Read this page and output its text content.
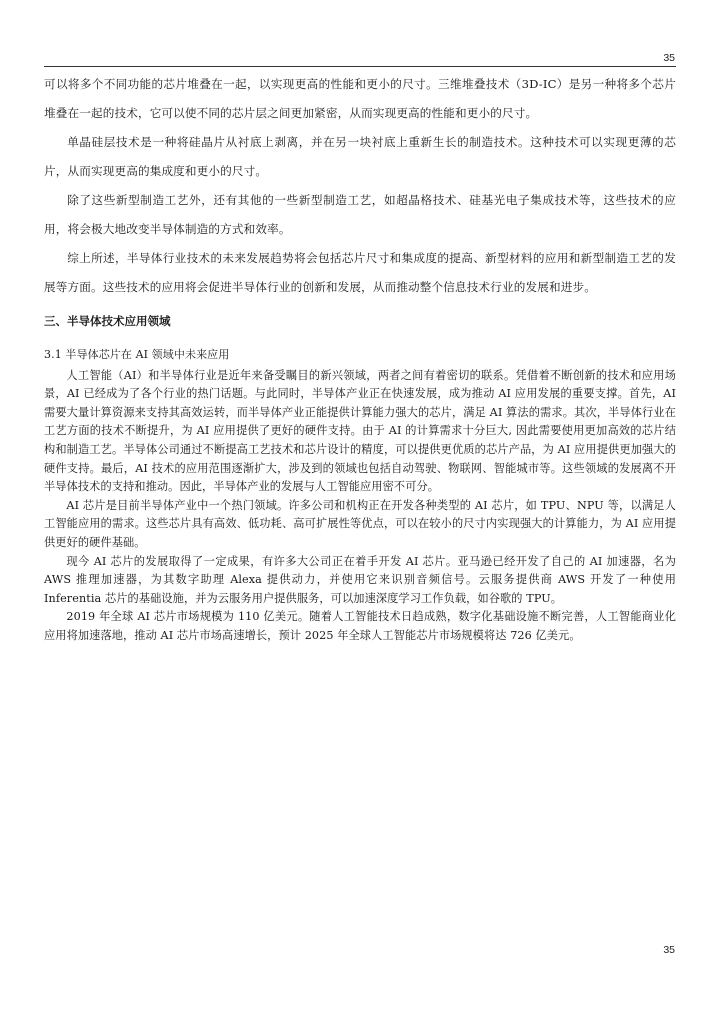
35

可以将多个不同功能的芯片堆叠在一起，以实现更高的性能和更小的尺寸。三维堆叠技术（3D-IC）是另一种将多个芯片堆叠在一起的技术，它可以使不同的芯片层之间更加紧密，从而实现更高的性能和更小的尺寸。

单晶硅层技术是一种将硅晶片从衬底上剥离，并在另一块衬底上重新生长的制造技术。这种技术可以实现更薄的芯片，从而实现更高的集成度和更小的尺寸。

除了这些新型制造工艺外，还有其他的一些新型制造工艺，如超晶格技术、硅基光电子集成技术等，这些技术的应用，将会极大地改变半导体制造的方式和效率。

综上所述，半导体行业技术的未来发展趋势将会包括芯片尺寸和集成度的提高、新型材料的应用和新型制造工艺的发展等方面。这些技术的应用将会促进半导体行业的创新和发展，从而推动整个信息技术行业的发展和进步。

三、半导体技术应用领域
3.1 半导体芯片在 AI 领域中未来应用

人工智能（AI）和半导体行业是近年来备受瞩目的新兴领域，两者之间有着密切的联系。凭借着不断创新的技术和应用场景，AI 已经成为了各个行业的热门话题。与此同时，半导体产业正在快速发展，成为推动 AI 应用发展的重要支撑。首先，AI 需要大量计算资源来支持其高效运转，而半导体产业正能提供计算能力强大的芯片，满足 AI 算法的需求。其次，半导体行业在工艺方面的技术不断提升，为 AI 应用提供了更好的硬件支持。由于 AI 的计算需求十分巨大, 因此需要使用更加高效的芯片结构和制造工艺。半导体公司通过不断提高工艺技术和芯片设计的精度，可以提供更优质的芯片产品，为 AI 应用提供更加强大的硬件支持。最后，AI 技术的应用范围逐渐扩大，涉及到的领域也包括自动驾驶、物联网、智能城市等。这些领域的发展离不开半导体技术的支持和推动。因此，半导体产业的发展与人工智能应用密不可分。

AI 芯片是目前半导体产业中一个热门领域。许多公司和机构正在开发各种类型的 AI 芯片，如 TPU、NPU 等，以满足人工智能应用的需求。这些芯片具有高效、低功耗、高可扩展性等优点，可以在较小的尺寸内实现强大的计算能力，为 AI 应用提供更好的硬件基础。

现今 AI 芯片的发展取得了一定成果，有许多大公司正在着手开发 AI 芯片。亚马逊已经开发了自己的 AI 加速器，名为 AWS 推理加速器，为其数字助理 Alexa 提供动力，并使用它来识别音频信号。云服务提供商 AWS 开发了一种使用 Inferentia 芯片的基础设施，并为云服务用户提供服务，可以加速深度学习工作负载，如谷歌的 TPU。

2019 年全球 AI 芯片市场规模为 110 亿美元。随着人工智能技术日趋成熟，数字化基础设施不断完善，人工智能商业化应用将加速落地，推动 AI 芯片市场高速增长，预计 2025 年全球人工智能芯片市场规模将达 726 亿美元。

35
